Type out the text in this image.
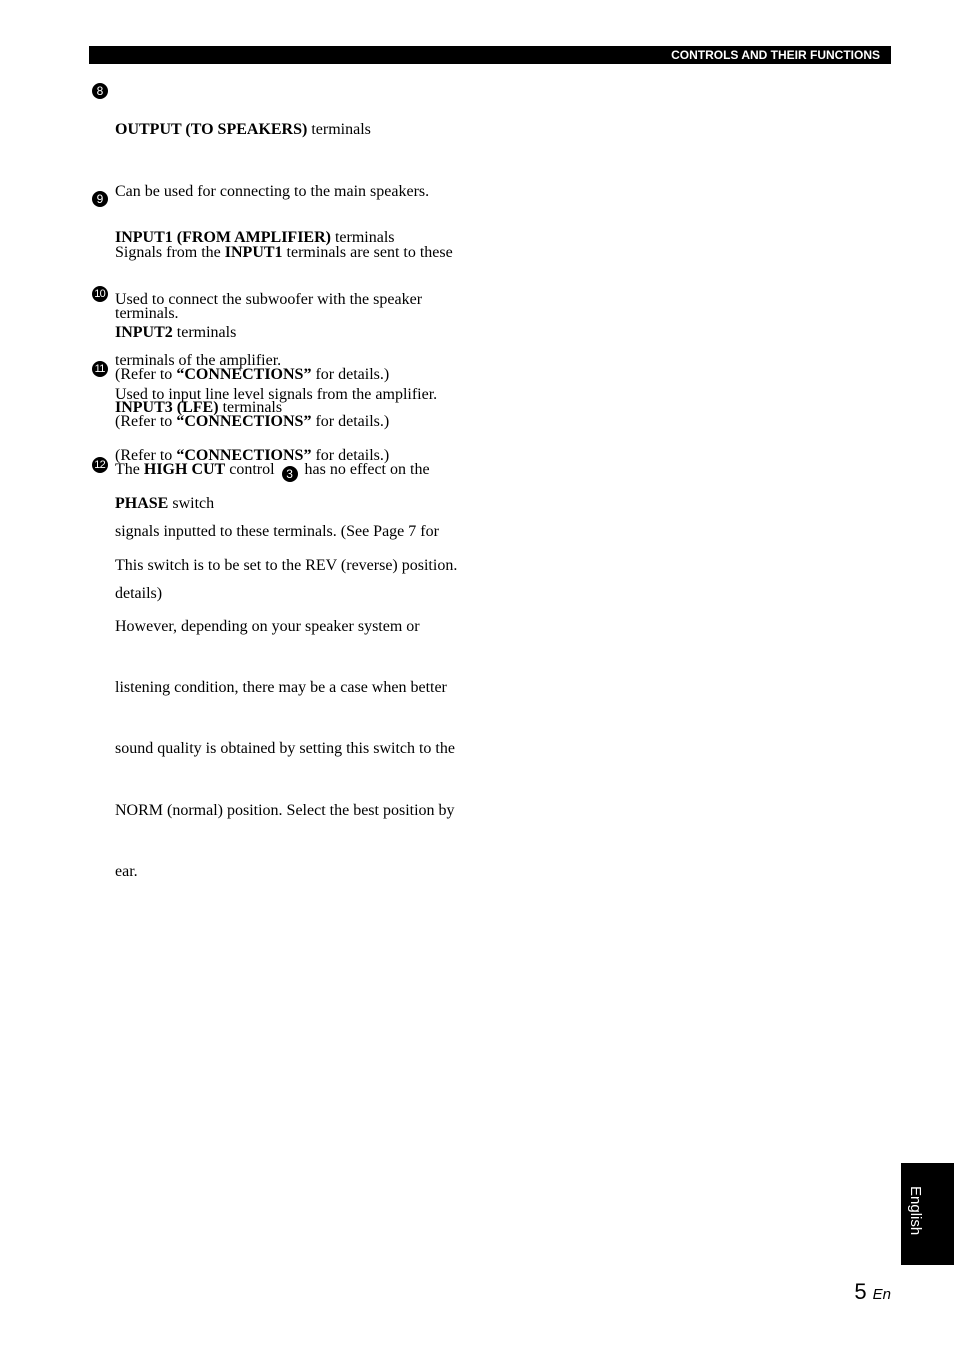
CONTROLS AND THEIR FUNCTIONS
8

OUTPUT (TO SPEAKERS) terminals

Can be used for connecting to the main speakers.

Signals from the INPUT1 terminals are sent to these

terminals.

(Refer to “CONNECTIONS” for details.)

9

INPUT1 (FROM AMPLIFIER) terminals

Used to connect the subwoofer with the speaker

terminals of the amplifier.

(Refer to “CONNECTIONS” for details.)

10

INPUT2 terminals

Used to input line level signals from the amplifier.

(Refer to “CONNECTIONS” for details.)

11

INPUT3 (LFE) terminals

The HIGH CUT control 3 has no effect on the

signals inputted to these terminals. (See Page 7 for

details)

12

PHASE switch

This switch is to be set to the REV (reverse) position.

However, depending on your speaker system or

listening condition, there may be a case when better

sound quality is obtained by setting this switch to the

NORM (normal) position. Select the best position by

ear.

English
5 En
